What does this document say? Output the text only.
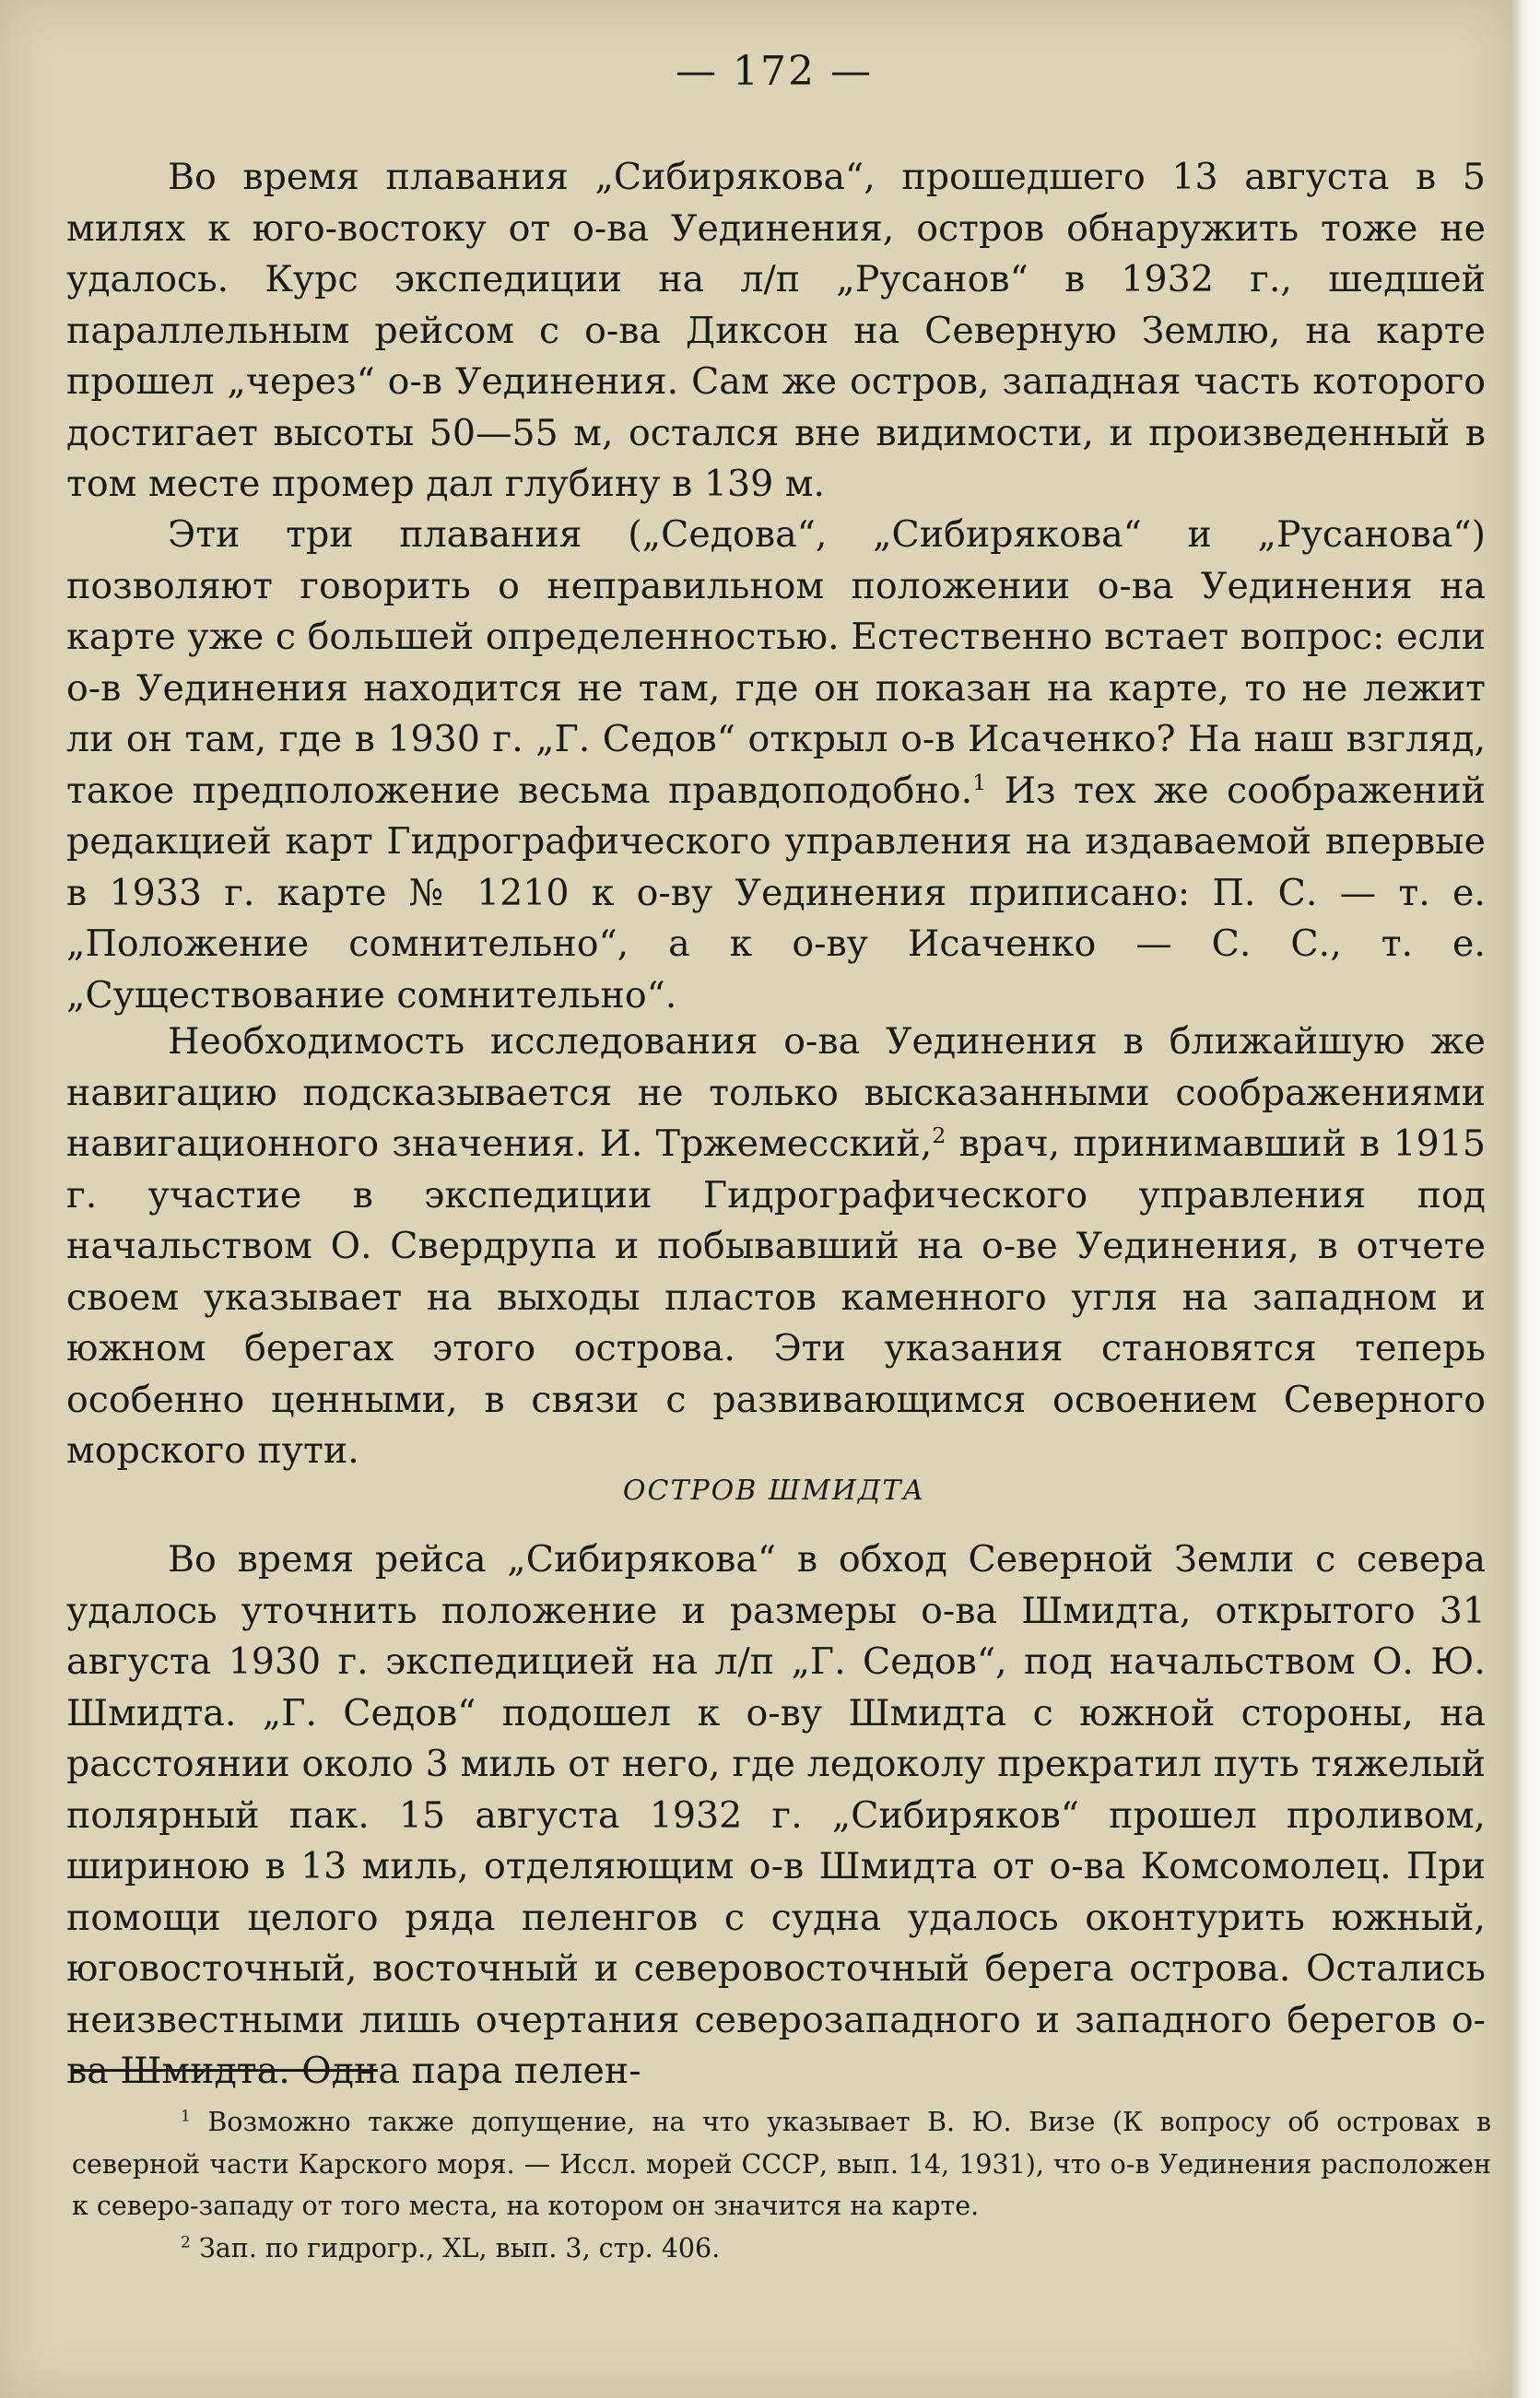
— 172 —

Во время плавания „Сибирякова“, прошедшего 13 августа в 5 милях к юго-востоку от о-ва Уединения, остров обнаружить тоже не удалось. Курс экспедиции на л/п „Русанов“ в 1932 г., шедшей параллельным рейсом с о-ва Диксон на Северную Землю, на карте прошел „через“ о-в Уединения. Сам же остров, западная часть которого достигает высоты 50—55 м, остался вне видимости, и произведенный в том месте промер дал глубину в 139 м.

Эти три плавания („Седова“, „Сибирякова“ и „Русанова“) позволяют говорить о неправильном положении о-ва Уединения на карте уже с большей определенностью. Естественно встает вопрос: если о-в Уединения находится не там, где он показан на карте, то не лежит ли он там, где в 1930 г. „Г. Седов“ открыл о-в Исаченко? На наш взгляд, такое предположение весьма правдоподобно.$^1$ Из тех же соображений редакцией карт Гидрографического управления на издаваемой впервые в 1933 г. карте № 1210 к о-ву Уединения приписано: П. С. — т. е. „Положение сомнительно“, а к о-ву Исаченко — С. С., т. е. „Существование сомнительно“.

Необходимость исследования о-ва Уединения в ближайшую же навигацию подсказывается не только высказанными соображениями навигационного значения. И. Тржемесский,$^2$ врач, принимавший в 1915 г. участие в экспедиции Гидрографического управления под начальством О. Свердрупа и побывавший на о-ве Уединения, в отчете своем указывает на выходы пластов каменного угля на западном и южном берегах этого острова. Эти указания становятся теперь особенно ценными, в связи с развивающимся освоением Северного морского пути.

ОСТРОВ ШМИДТА

Во время рейса „Сибирякова“ в обход Северной Земли с севера удалось уточнить положение и размеры о-ва Шмидта, открытого 31 августа 1930 г. экспедицией на л/п „Г. Седов“, под начальством О. Ю. Шмидта. „Г. Седов“ подошел к о-ву Шмидта с южной стороны, на расстоянии около 3 миль от него, где ледоколу прекратил путь тяжелый полярный пак. 15 августа 1932 г. „Сибиряков“ прошел проливом, шириною в 13 миль, отделяющим о-в Шмидта от о-ва Комсомолец. При помощи целого ряда пеленгов с судна удалось оконтурить южный, юговосточный, восточный и северовосточный берега острова. Остались неизвестными лишь очертания северозападного и западного берегов о-ва Шмидта. Одна пара пелен-

$^1$ Возможно также допущение, на что указывает В. Ю. Визе (К вопросу об островах в северной части Карского моря. — Иссл. морей СССР, вып. 14, 1931), что о-в Уединения расположен к северо-западу от того места, на котором он значится на карте.

$^2$ Зап. по гидрогр., XL, вып. 3, стр. 406.
